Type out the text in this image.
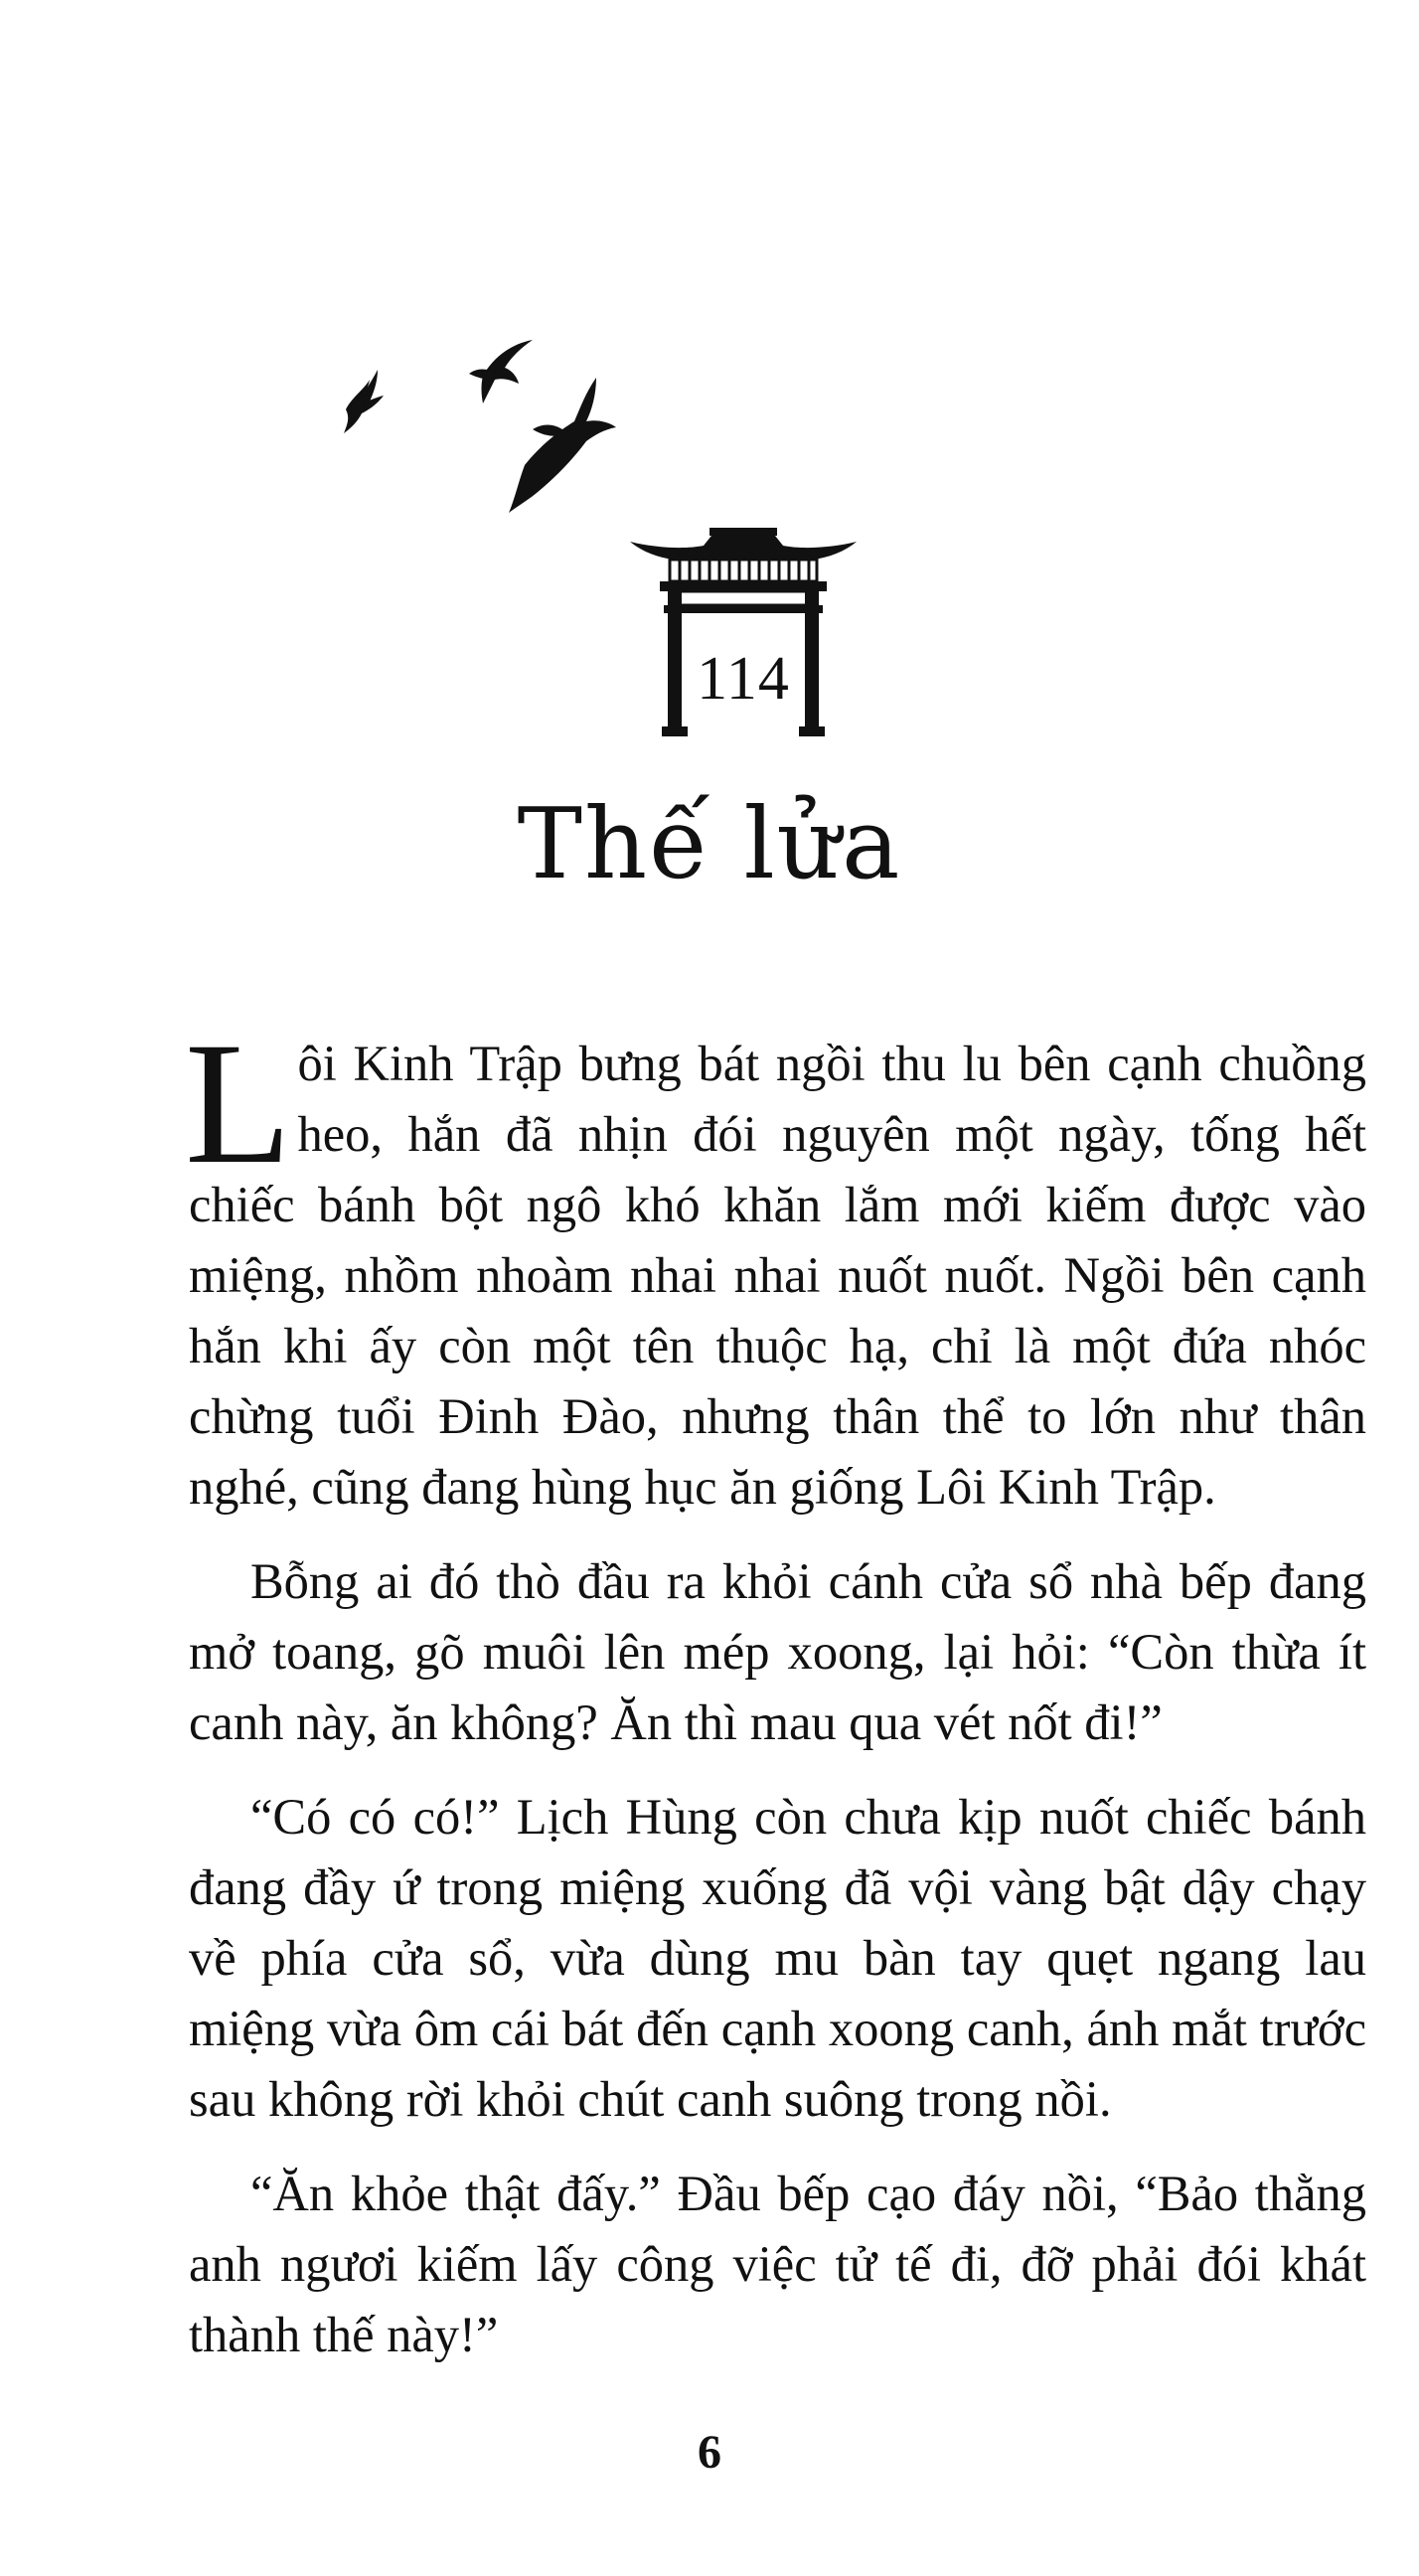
114
Thế lửa

Lôi Kinh Trập bưng bát ngồi thu lu bên cạnh chuồng heo, hắn đã nhịn đói nguyên một ngày, tống hết chiếc bánh bột ngô khó khăn lắm mới kiếm được vào miệng, nhồm nhoàm nhai nhai nuốt nuốt. Ngồi bên cạnh hắn khi ấy còn một tên thuộc hạ, chỉ là một đứa nhóc chừng tuổi Đinh Đào, nhưng thân thể to lớn như thân nghé, cũng đang hùng hục ăn giống Lôi Kinh Trập.

Bỗng ai đó thò đầu ra khỏi cánh cửa sổ nhà bếp đang mở toang, gõ muôi lên mép xoong, lại hỏi: “Còn thừa ít canh này, ăn không? Ăn thì mau qua vét nốt đi!”

“Có có có!” Lịch Hùng còn chưa kịp nuốt chiếc bánh đang đầy ứ trong miệng xuống đã vội vàng bật dậy chạy về phía cửa sổ, vừa dùng mu bàn tay quẹt ngang lau miệng vừa ôm cái bát đến cạnh xoong canh, ánh mắt trước sau không rời khỏi chút canh suông trong nồi.

“Ăn khỏe thật đấy.” Đầu bếp cạo đáy nồi, “Bảo thằng anh ngươi kiếm lấy công việc tử tế đi, đỡ phải đói khát thành thế này!”

6
